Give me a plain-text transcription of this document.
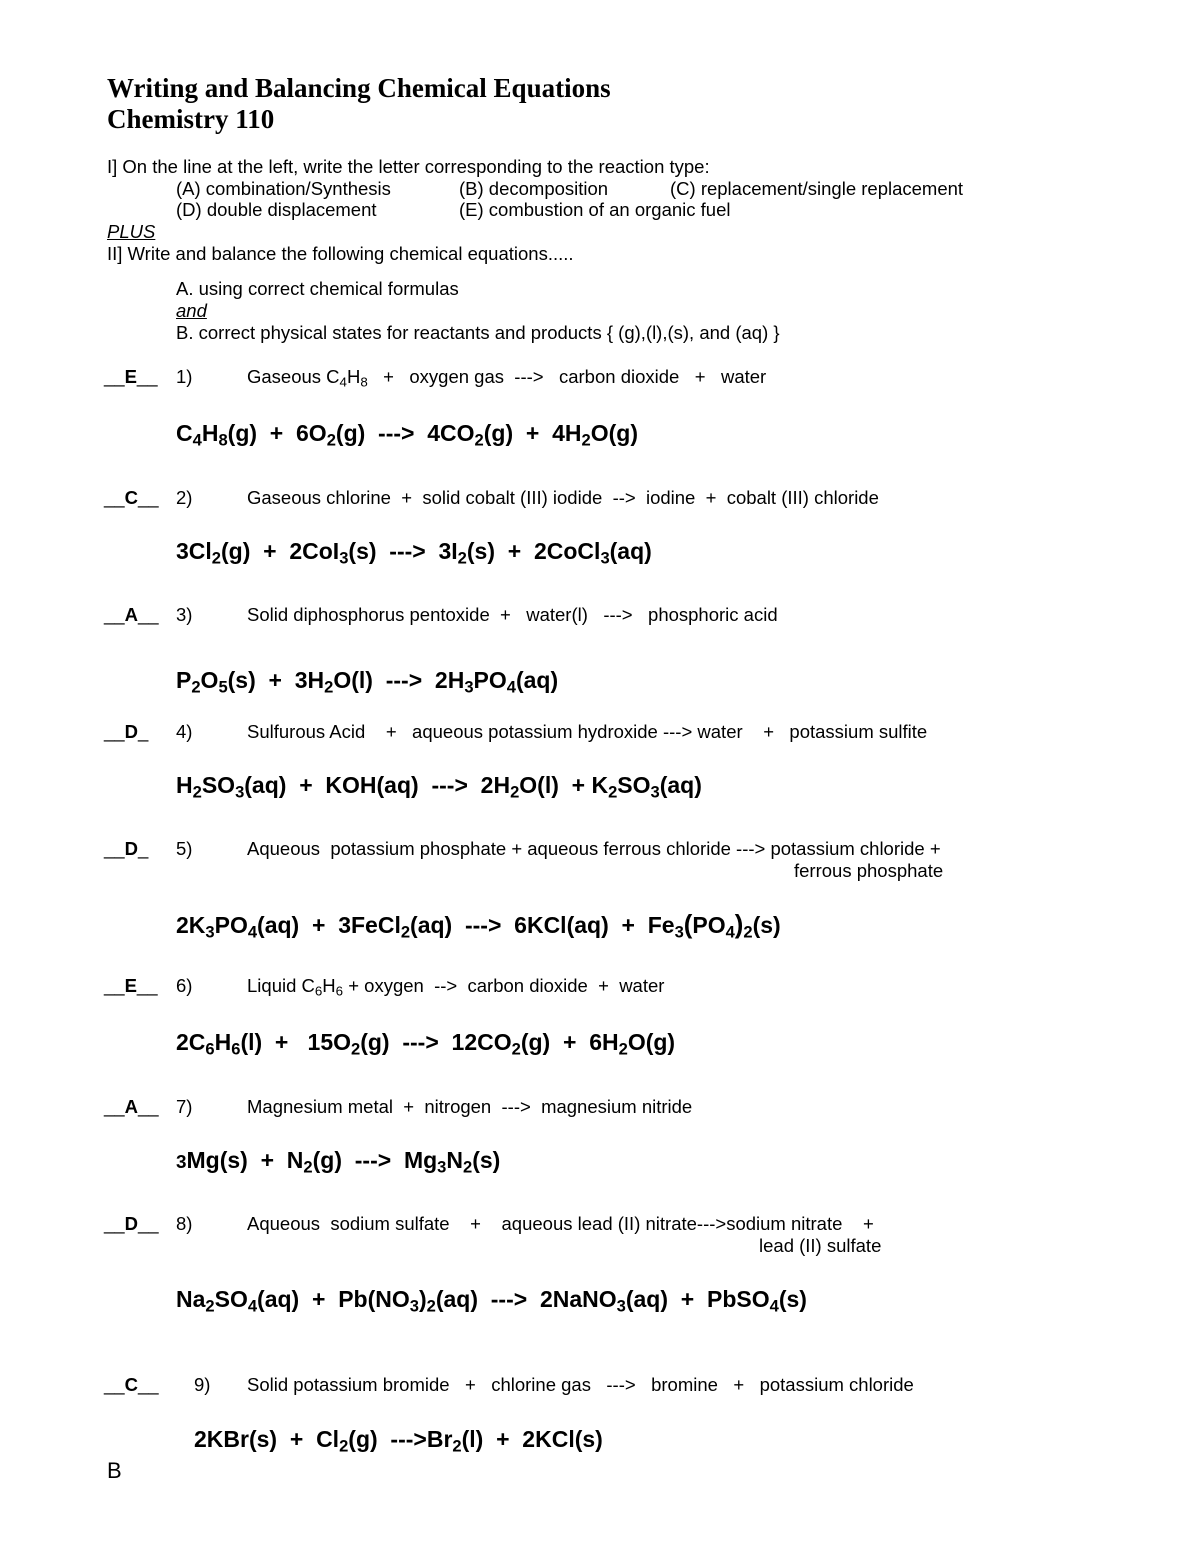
Writing and Balancing Chemical Equations
Chemistry 110
I] On the line at the left, write the letter corresponding to the reaction type:
(A) combination/Synthesis	(B) decomposition	(C) replacement/single replacement
(D) double displacement	(E) combustion of an organic fuel
PLUS
II] Write and balance the following chemical equations.....
A. using correct chemical formulas
and
B. correct physical states for reactants and products { (g),(l),(s), and (aq) }
__E__ 1)	Gaseous $C_4H_8$   +   oxygen gas  --->   carbon dioxide   +   water
$C_4H_8(g) + 6O_2(g)$  --->  $4CO_2(g) + 4H_2O(g)$
__C__ 2)	Gaseous chlorine  +  solid cobalt (III) iodide  -->  iodine  +  cobalt (III) chloride
$3Cl_2(g) + 2CoI_3(s)$  --->  $3I_2(s)$  +  2CoCl$_3$(aq)
__A__ 3)	Solid diphosphorus pentoxide  +   water(l)   --->   phosphoric acid
$P_2O_5(s) + 3H_2O(l)$  --->  $2H_3PO_4(aq)$
__D_ 4)	Sulfurous Acid    +   aqueous potassium hydroxide ---> water    +   potassium sulfite
$H_2SO_3(aq) + KOH(aq)$  --->  $2H_2O(l) + K_2SO_3(aq)$
__D_ 5)	Aqueous  potassium phosphate + aqueous ferrous chloride ---> potassium chloride +
ferrous phosphate
$2K_3PO_4(aq)$  +  3FeCl$_2$(aq)  --->  $6KCl(aq) + Fe_3(PO_4)_2(s)$
__E__ 6)	Liquid $C_6H_6$ + oxygen  -->  carbon dioxide  +  water
$2C_6H_6(l) + 15O_2(g)$  --->  $12CO_2(g) + 6H_2O(g)$
__A__ 7)	Magnesium metal  +  nitrogen  --->  magnesium nitride
$3Mg(s) + N_2(g)$  --->  $Mg_3N_2(s)$
__D__ 8)	Aqueous  sodium sulfate    +    aqueous lead (II) nitrate--->sodium nitrate    +
lead (II) sulfate
$Na_2SO_4(aq) + Pb(NO_3)_2(aq)$  --->  2NaNO$_3$(aq)  +  PbSO$_4$(s)
__C__ 9) Solid potassium bromide   +   chlorine gas   --->   bromine   +   potassium chloride
$2KBr(s) + Cl_2(g) --->Br_2(l) + 2KCl(s)$
B
